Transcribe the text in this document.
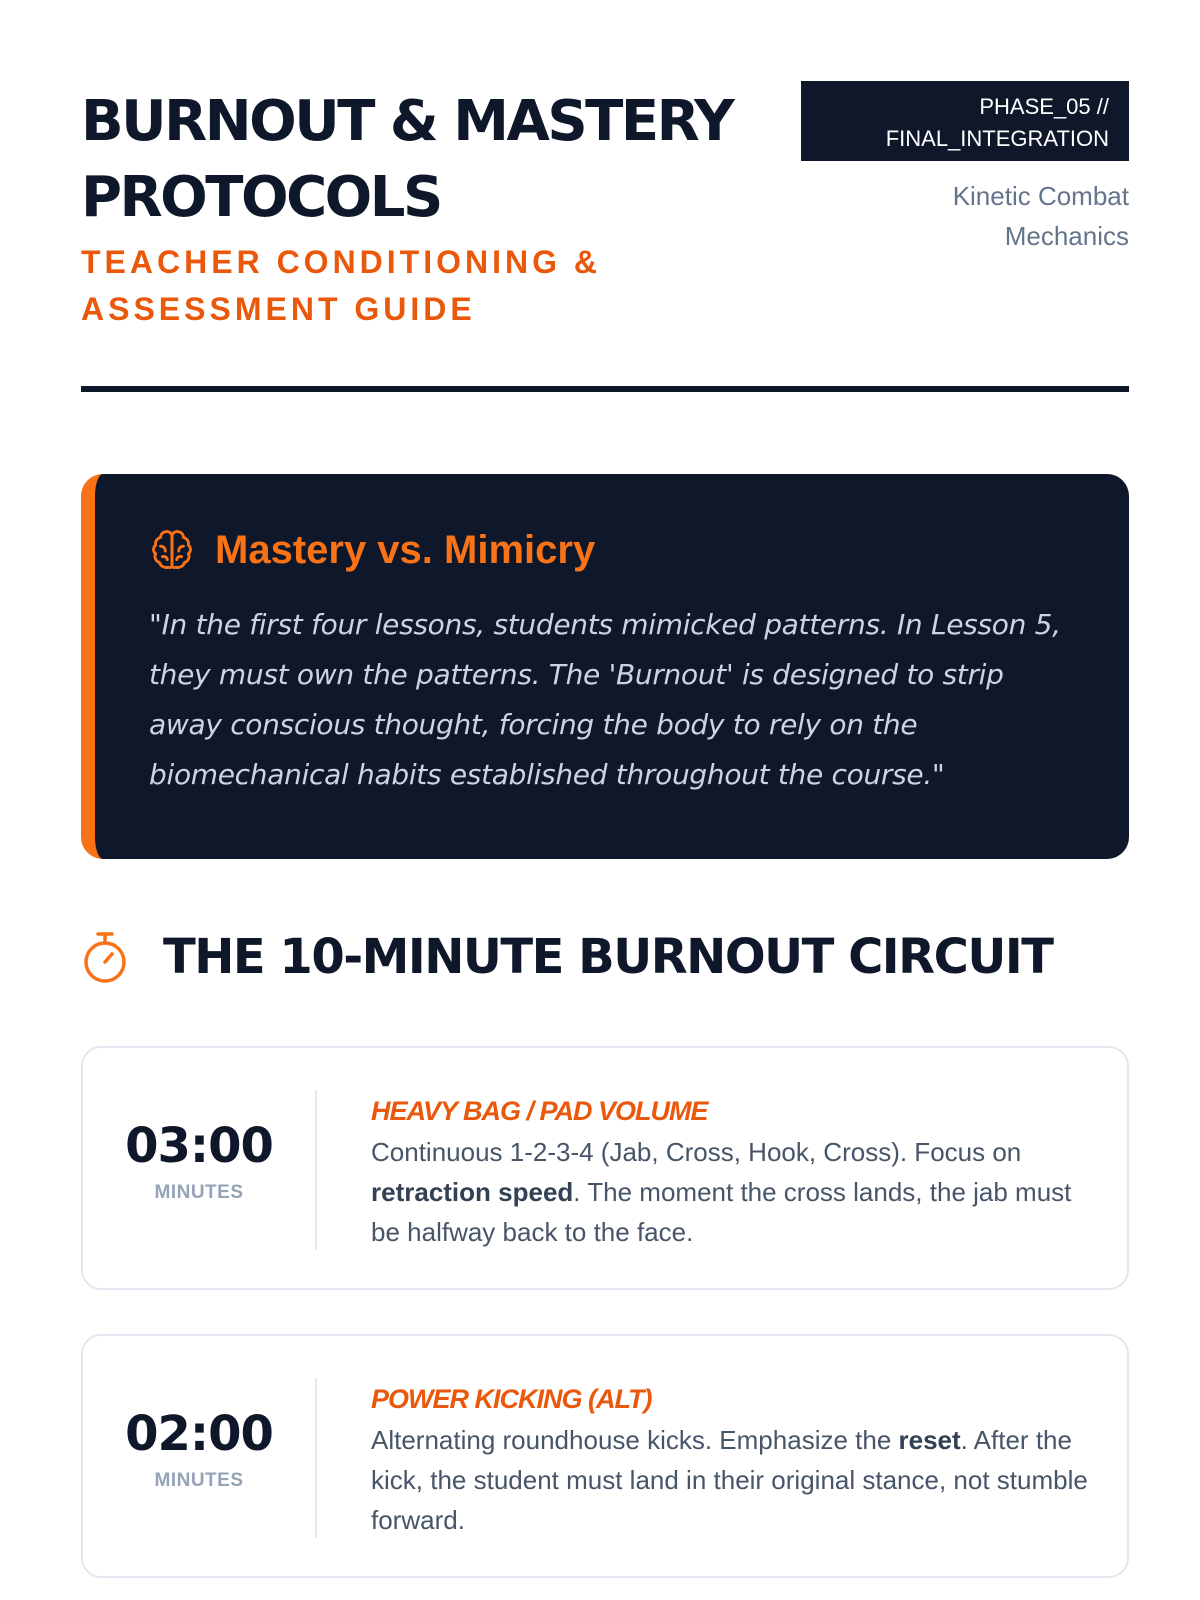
BURNOUT & MASTERY PROTOCOLS

TEACHER CONDITIONING & ASSESSMENT GUIDE

PHASE_05 // FINAL_INTEGRATION
Kinetic Combat Mechanics
Mastery vs. Mimicry

"In the first four lessons, students mimicked patterns. In Lesson 5, they must own the patterns. The 'Burnout' is designed to strip away conscious thought, forcing the body to rely on the biomechanical habits established throughout the course."

THE 10-MINUTE BURNOUT CIRCUIT
03:00
MINUTES
HEAVY BAG / PAD VOLUME

Continuous 1-2-3-4 (Jab, Cross, Hook, Cross). Focus on retraction speed. The moment the cross lands, the jab must be halfway back to the face.

02:00
MINUTES
POWER KICKING (ALT)

Alternating roundhouse kicks. Emphasize the reset. After the kick, the student must land in their original stance, not stumble forward.
